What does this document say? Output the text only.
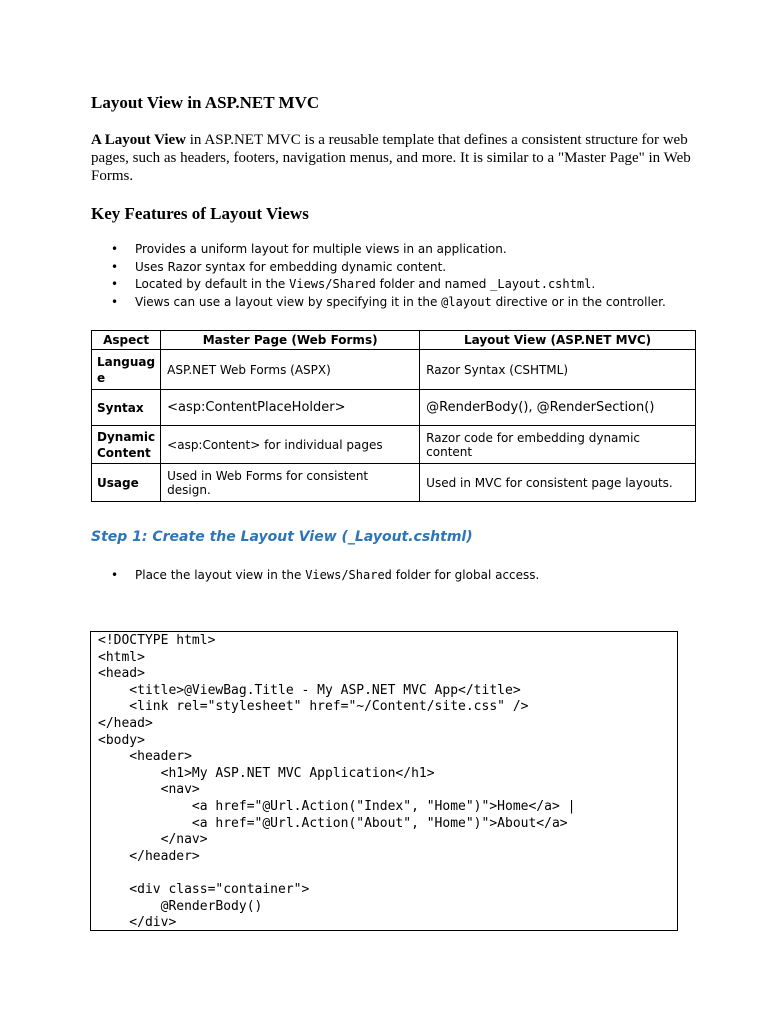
Layout View in ASP.NET MVC

A Layout View in ASP.NET MVC is a reusable template that defines a consistent structure for web pages, such as headers, footers, navigation menus, and more. It is similar to a "Master Page" in Web Forms.

Key Features of Layout Views
• Provides a uniform layout for multiple views in an application.
• Uses Razor syntax for embedding dynamic content.
• Located by default in the Views/Shared folder and named _Layout.cshtml.
• Views can use a layout view by specifying it in the @layout directive or in the controller.
Aspect	Master Page (Web Forms)	Layout View (ASP.NET MVC)
Languag e	ASP.NET Web Forms (ASPX)	Razor Syntax (CSHTML)
Syntax	<asp:ContentPlaceHolder>	@RenderBody(), @RenderSection()
Dynamic Content	<asp:Content> for individual pages	Razor code for embedding dynamic content
Usage	Used in Web Forms for consistent design.	Used in MVC for consistent page layouts.
Step 1: Create the Layout View (_Layout.cshtml)
• Place the layout view in the Views/Shared folder for global access.
<!DOCTYPE html>
<html>
<head>
<title>@ViewBag.Title - My ASP.NET MVC App</title>
<link rel="stylesheet" href="~/Content/site.css" />
</head>
<body>
<header>
<h1>My ASP.NET MVC Application</h1>
<nav>
<a href="@Url.Action("Index", "Home")">Home</a> |
<a href="@Url.Action("About", "Home")">About</a>
</nav>
</header>

<div class="container">
@RenderBody()
</div>
